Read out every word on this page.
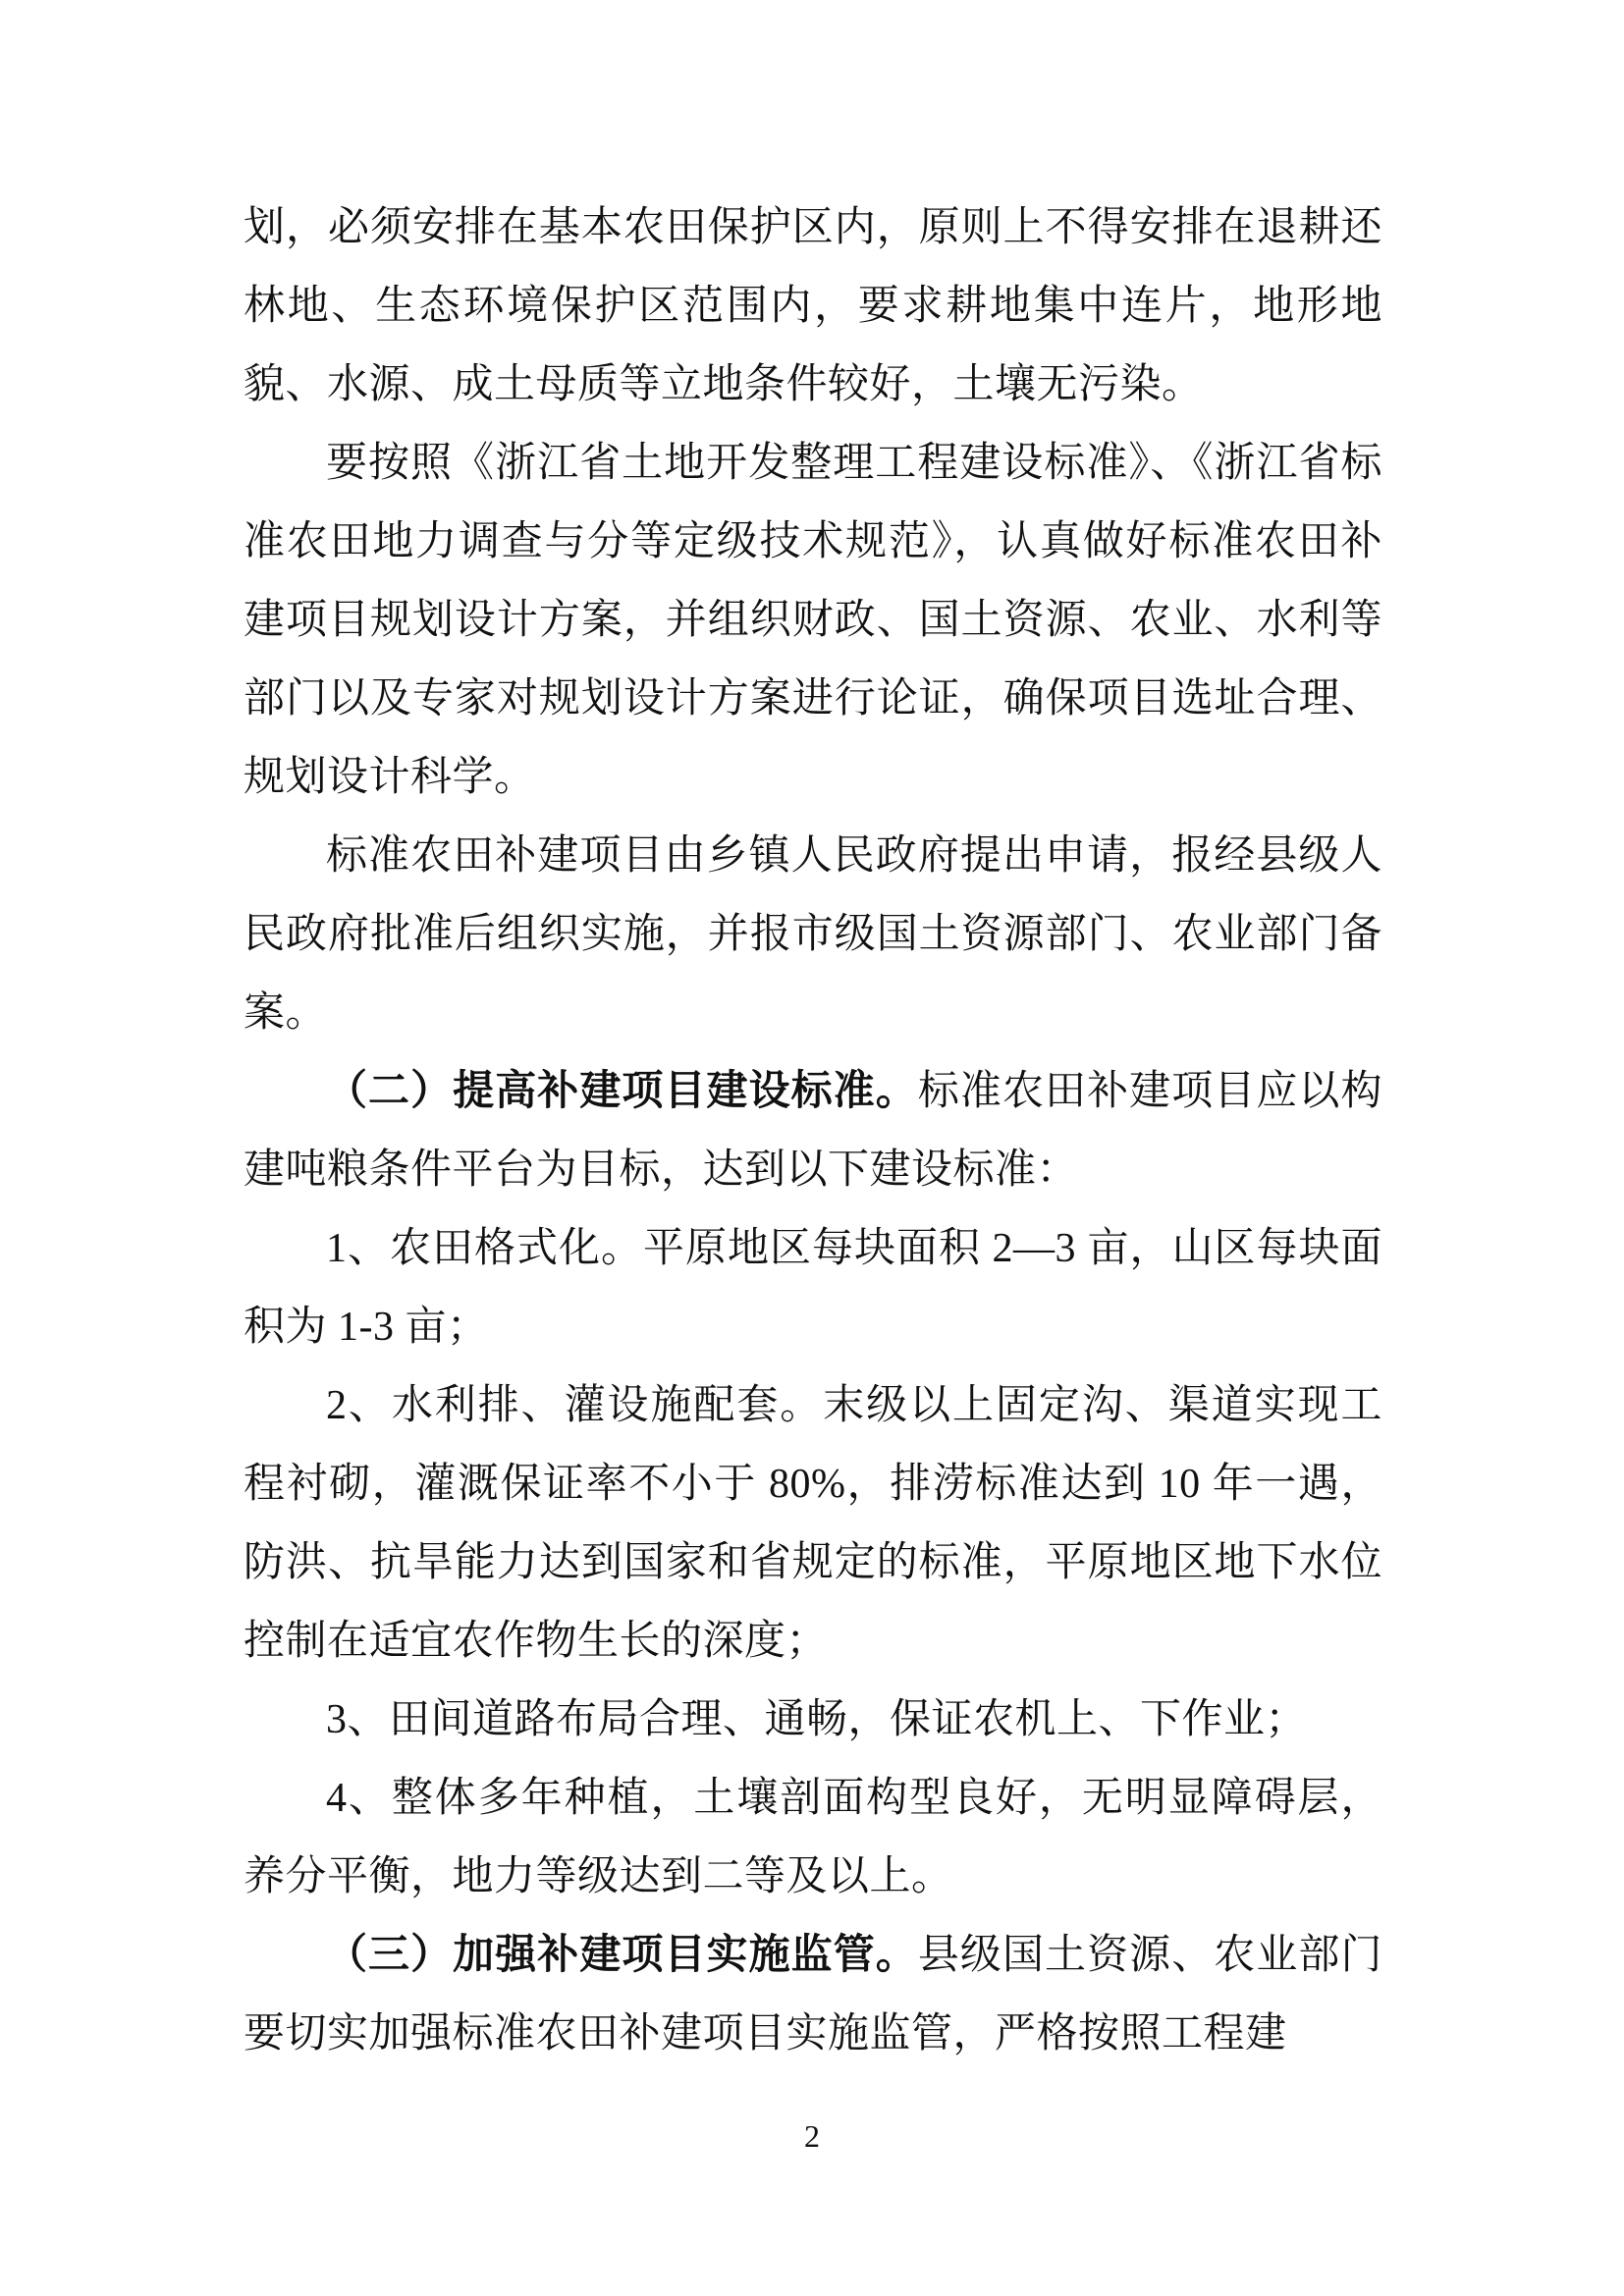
划，必须安排在基本农田保护区内，原则上不得安排在退耕还林地、生态环境保护区范围内，要求耕地集中连片，地形地貌、水源、成土母质等立地条件较好，土壤无污染。

要按照《浙江省土地开发整理工程建设标准》、《浙江省标准农田地力调查与分等定级技术规范》，认真做好标准农田补建项目规划设计方案，并组织财政、国土资源、农业、水利等部门以及专家对规划设计方案进行论证，确保项目选址合理、规划设计科学。

标准农田补建项目由乡镇人民政府提出申请，报经县级人民政府批准后组织实施，并报市级国土资源部门、农业部门备案。

（二）提高补建项目建设标准。标准农田补建项目应以构建吨粮条件平台为目标，达到以下建设标准：

1、农田格式化。平原地区每块面积 2—3 亩，山区每块面积为 1-3 亩；

2、水利排、灌设施配套。末级以上固定沟、渠道实现工程衬砌，灌溉保证率不小于 80%，排涝标准达到 10 年一遇，防洪、抗旱能力达到国家和省规定的标准，平原地区地下水位控制在适宜农作物生长的深度；

3、田间道路布局合理、通畅，保证农机上、下作业；

4、整体多年种植，土壤剖面构型良好，无明显障碍层，养分平衡，地力等级达到二等及以上。

（三）加强补建项目实施监管。县级国土资源、农业部门要切实加强标准农田补建项目实施监管，严格按照工程建

2
